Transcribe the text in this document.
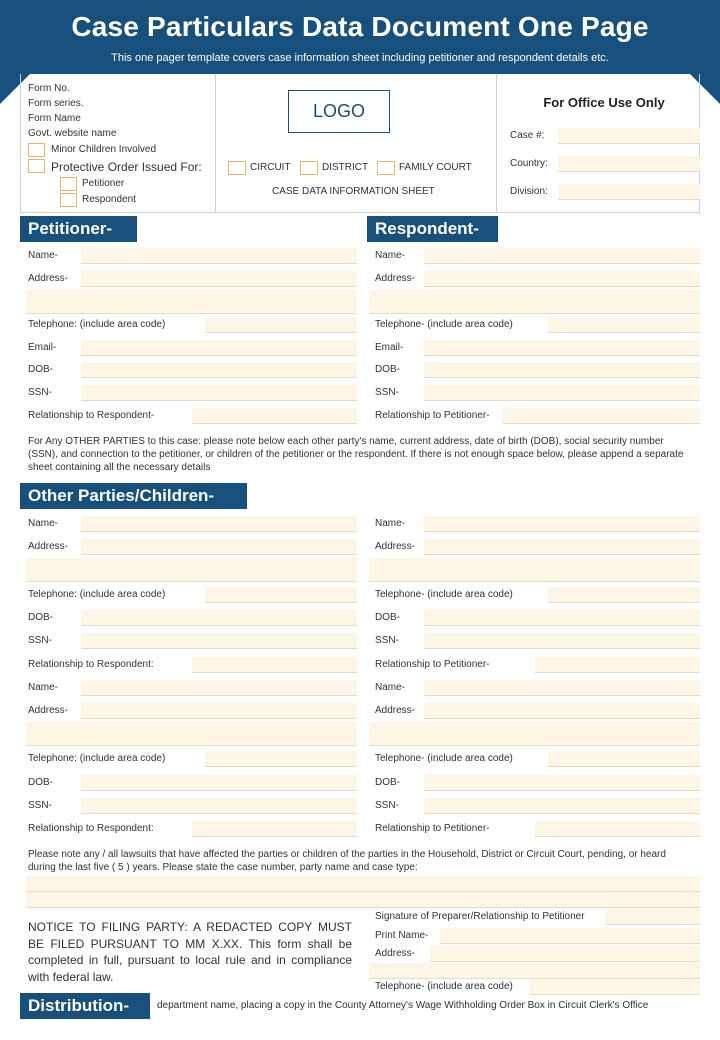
Case Particulars Data Document One Page
This one pager template covers case information sheet including petitioner and respondent details etc.
Form No.
Form series.
Form Name
Govt. website name
Minor Children Involved
Protective Order Issued For:
Petitioner
Respondent
LOGO
CIRCUIT	DISTRICT	FAMILY COURT
CASE DATA INFORMATION SHEET
For Office Use Only
Case #:
Country:
Division:
Petitioner-
Name-
Address-
Telephone: (include area code)
Email-
DOB-
SSN-
Relationship to Respondent-
Respondent-
Name-
Address-
Telephone- (include area code)
Email-
DOB-
SSN-
Relationship to Petitioner-
For Any OTHER PARTIES to this case: please note below each other party's name, current address, date of birth (DOB), social security number (SSN), and connection to the petitioner, or children of the petitioner or the respondent. If there is not enough space below, please append a separate sheet containing all the necessary details
Other Parties/Children-
Name-
Address-
Telephone: (include area code)
DOB-
SSN-
Relationship to Respondent:
Name-
Address-
Telephone: (include area code)
DOB-
SSN-
Relationship to Respondent:
Name-
Address-
Telephone- (include area code)
DOB-
SSN-
Relationship to Petitioner-
Name-
Address-
Telephone- (include area code)
DOB-
SSN-
Relationship to Petitioner-
Please note any / all lawsuits that have affected the parties or children of the parties in the Household, District or Circuit Court, pending, or heard during the last five ( 5 ) years. Please state the case number, party name and case type:
NOTICE TO FILING PARTY: A REDACTED COPY MUST BE FILED PURSUANT TO MM X.XX. This form shall be completed in full, pursuant to local rule and in compliance with federal law.
Signature of Preparer/Relationship to Petitioner
Print Name-
Address-
Telephone- (include area code)
Distribution-	department name, placing a copy in the County Attorney's Wage Withholding Order Box in Circuit Clerk's Office
